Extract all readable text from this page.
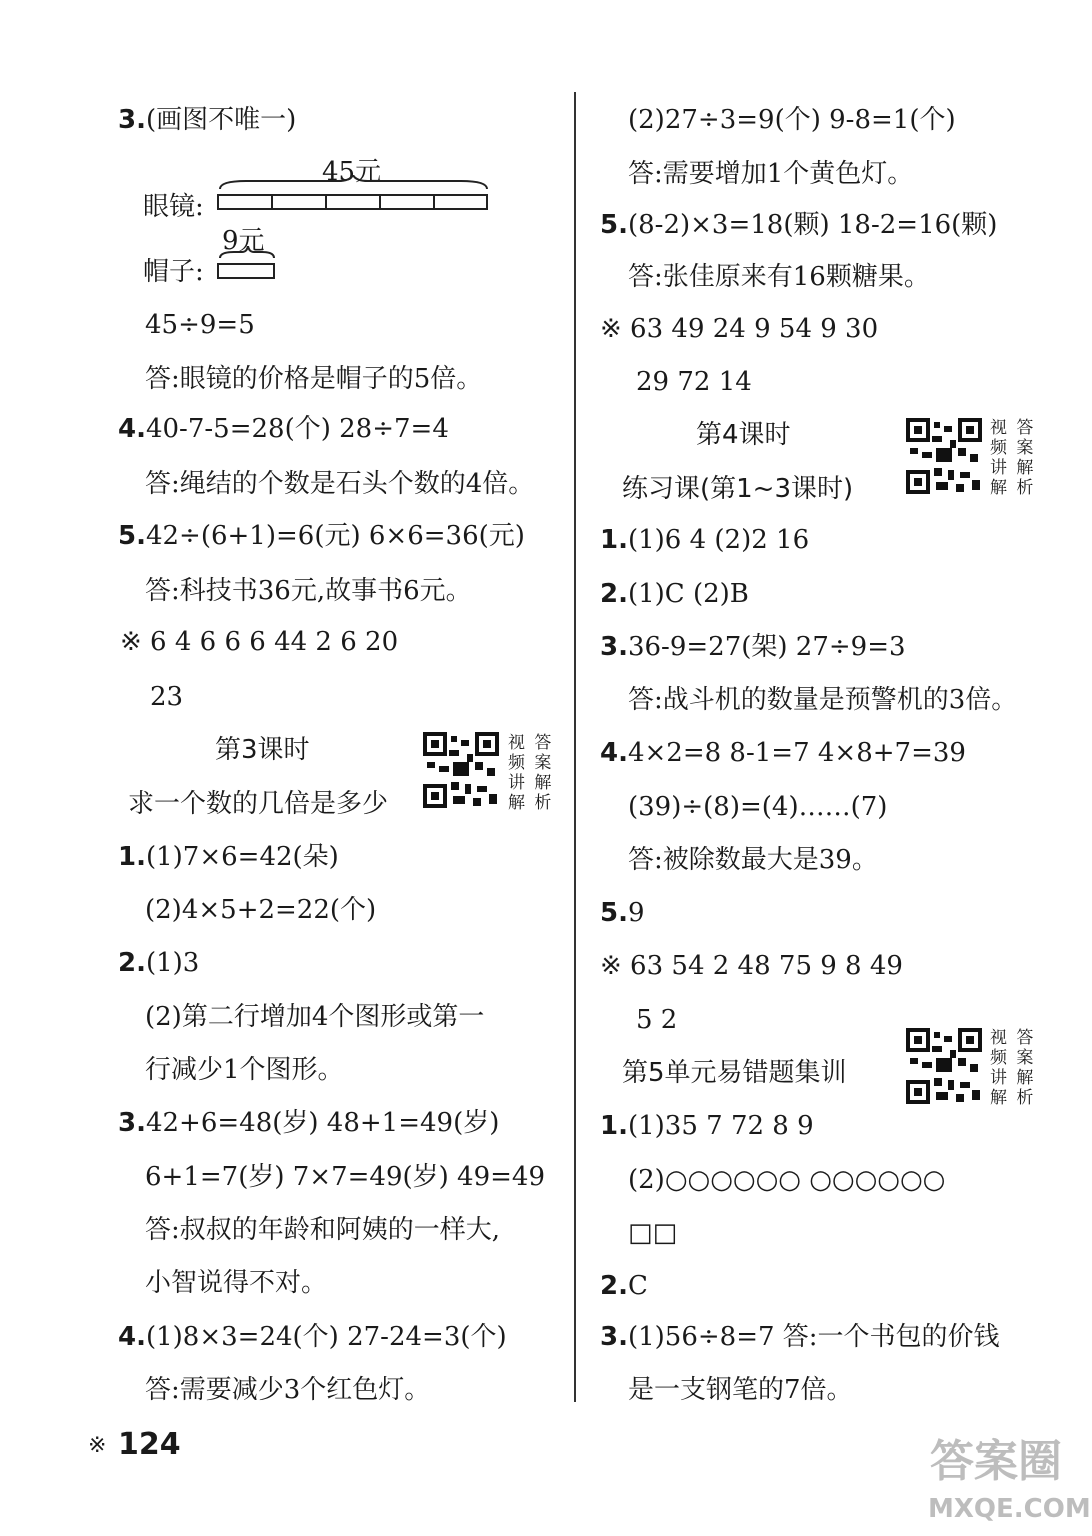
3.(画图不唯一)
45元
眼镜:
9元
帽子:
45÷9=5
答:眼镜的价格是帽子的5倍。
4.40-7-5=28(个) 28÷7=4
答:绳结的个数是石头个数的4倍。
5.42÷(6+1)=6(元) 6×6=36(元)
答:科技书36元,故事书6元。
※ 6 4 6 6 6 44 2 6 20
23
第3课时
求一个数的几倍是多少
视 答
频 案
讲 解
解 析
1.(1)7×6=42(朵)
(2)4×5+2=22(个)
2.(1)3
(2)第二行增加4个图形或第一
行减少1个图形。
3.42+6=48(岁) 48+1=49(岁)
6+1=7(岁) 7×7=49(岁) 49=49
答:叔叔的年龄和阿姨的一样大,
小智说得不对。
4.(1)8×3=24(个) 27-24=3(个)
答:需要减少3个红色灯。
(2)27÷3=9(个) 9-8=1(个)
答:需要增加1个黄色灯。
5.(8-2)×3=18(颗) 18-2=16(颗)
答:张佳原来有16颗糖果。
※ 63 49 24 9 54 9 30
29 72 14
第4课时
练习课(第1~3课时)
视 答
频 案
讲 解
解 析
1.(1)6 4 (2)2 16
2.(1)C (2)B
3.36-9=27(架) 27÷9=3
答:战斗机的数量是预警机的3倍。
4.4×2=8 8-1=7 4×8+7=39
(39)÷(8)=(4)……(7)
答:被除数最大是39。
5.9
※ 63 54 2 48 75 9 8 49
5 2
第5单元易错题集训
视 答
频 案
讲 解
解 析
1.(1)35 7 72 8 9
(2)○○○○○○ ○○○○○○
□□
2.C
3.(1)56÷8=7 答:一个书包的价钱
是一支钢笔的7倍。
※ 124	答案圈
MXQE.COM
